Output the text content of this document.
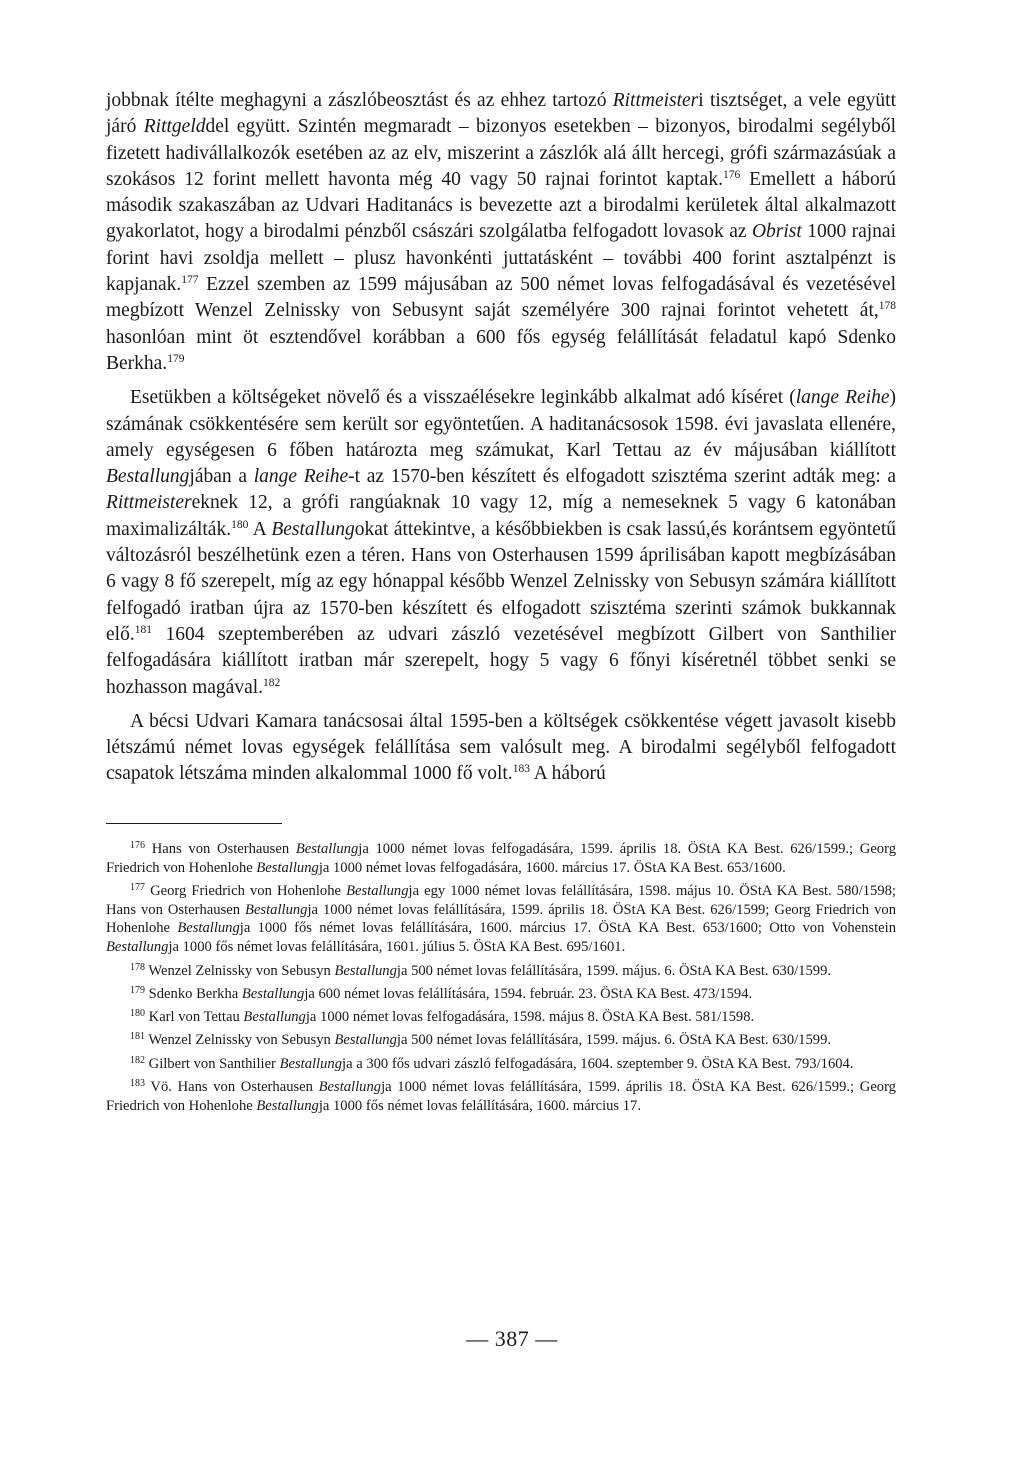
jobbnak ítélte meghagyni a zászlóbeosztást és az ehhez tartozó Rittmeisteri tisztséget, a vele együtt járó Rittgelddel együtt. Szintén megmaradt – bizonyos esetekben – bizonyos, birodalmi segélyből fizetett hadivállalkozók esetében az az elv, miszerint a zászlók alá állt hercegi, grófi származásúak a szokásos 12 forint mellett havonta még 40 vagy 50 rajnai forintot kaptak.$^{176}$ Emellett a háború második szakaszában az Udvari Haditanács is bevezette azt a birodalmi kerületek által alkalmazott gyakorlatot, hogy a birodalmi pénzből császári szolgálatba felfogadott lovasok az Obrist 1000 rajnai forint havi zsoldja mellett – plusz havonkénti juttatásként – további 400 forint asztalpénzt is kapjanak.$^{177}$ Ezzel szemben az 1599 májusában az 500 német lovas felfogadásával és vezetésével megbízott Wenzel Zelnissky von Sebusynt saját személyére 300 rajnai forintot vehetett át,$^{178}$ hasonlóan mint öt esztendővel korábban a 600 fős egység felállítását feladatul kapó Sdenko Berkha.$^{179}$

Esetükben a költségeket növelő és a visszaélésekre leginkább alkalmat adó kíséret (lange Reihe) számának csökkentésére sem került sor egyöntetűen. A haditanácsosok 1598. évi javaslata ellenére, amely egységesen 6 főben határozta meg számukat, Karl Tettau az év májusában kiállított Bestallungjában a lange Reihe-t az 1570-ben készített és elfogadott szisztéma szerint adták meg: a Rittmeistereknek 12, a grófi rangúaknak 10 vagy 12, míg a nemeseknek 5 vagy 6 katonában maximalizálták.$^{180}$ A Bestallungokat áttekintve, a későbbiekben is csak lassú,és korántsem egyöntetű változásról beszélhetünk ezen a téren. Hans von Osterhausen 1599 áprilisában kapott megbízásában 6 vagy 8 fő szerepelt, míg az egy hónappal később Wenzel Zelnissky von Sebusyn számára kiállított felfogadó iratban újra az 1570-ben készített és elfogadott szisztéma szerinti számok bukkannak elő.$^{181}$ 1604 szeptemberében az udvari zászló vezetésével megbízott Gilbert von Santhilier felfogadására kiállított iratban már szerepelt, hogy 5 vagy 6 főnyi kíséretnél többet senki se hozhasson magával.$^{182}$

A bécsi Udvari Kamara tanácsosai által 1595-ben a költségek csökkentése végett javasolt kisebb létszámú német lovas egységek felállítása sem valósult meg. A birodalmi segélyből felfogadott csapatok létszáma minden alkalommal 1000 fő volt.$^{183}$ A háború

$^{176}$ Hans von Osterhausen Bestallungja 1000 német lovas felfogadására, 1599. április 18. ÖStA KA Best. 626/1599.; Georg Friedrich von Hohenlohe Bestallungja 1000 német lovas felfogadására, 1600. március 17. ÖStA KA Best. 653/1600.

$^{177}$ Georg Friedrich von Hohenlohe Bestallungja egy 1000 német lovas felállítására, 1598. május 10. ÖStA KA Best. 580/1598; Hans von Osterhausen Bestallungja 1000 német lovas felállítására, 1599. április 18. ÖStA KA Best. 626/1599; Georg Friedrich von Hohenlohe Bestallungja 1000 fős német lovas felállítására, 1600. március 17. ÖStA KA Best. 653/1600; Otto von Vohenstein Bestallungja 1000 fős német lovas felállítására, 1601. július 5. ÖStA KA Best. 695/1601.

$^{178}$ Wenzel Zelnissky von Sebusyn Bestallungja 500 német lovas felállítására, 1599. május. 6. ÖStA KA Best. 630/1599.

$^{179}$ Sdenko Berkha Bestallungja 600 német lovas felállítására, 1594. február. 23. ÖStA KA Best. 473/1594.

$^{180}$ Karl von Tettau Bestallungja 1000 német lovas felfogadására, 1598. május 8. ÖStA KA Best. 581/1598.

$^{181}$ Wenzel Zelnissky von Sebusyn Bestallungja 500 német lovas felállítására, 1599. május. 6. ÖStA KA Best. 630/1599.

$^{182}$ Gilbert von Santhilier Bestallungja a 300 fős udvari zászló felfogadására, 1604. szeptember 9. ÖStA KA Best. 793/1604.

$^{183}$ Vö. Hans von Osterhausen Bestallungja 1000 német lovas felállítására, 1599. április 18. ÖStA KA Best. 626/1599.; Georg Friedrich von Hohenlohe Bestallungja 1000 fős német lovas felállítására, 1600. március 17.

— 387 —
